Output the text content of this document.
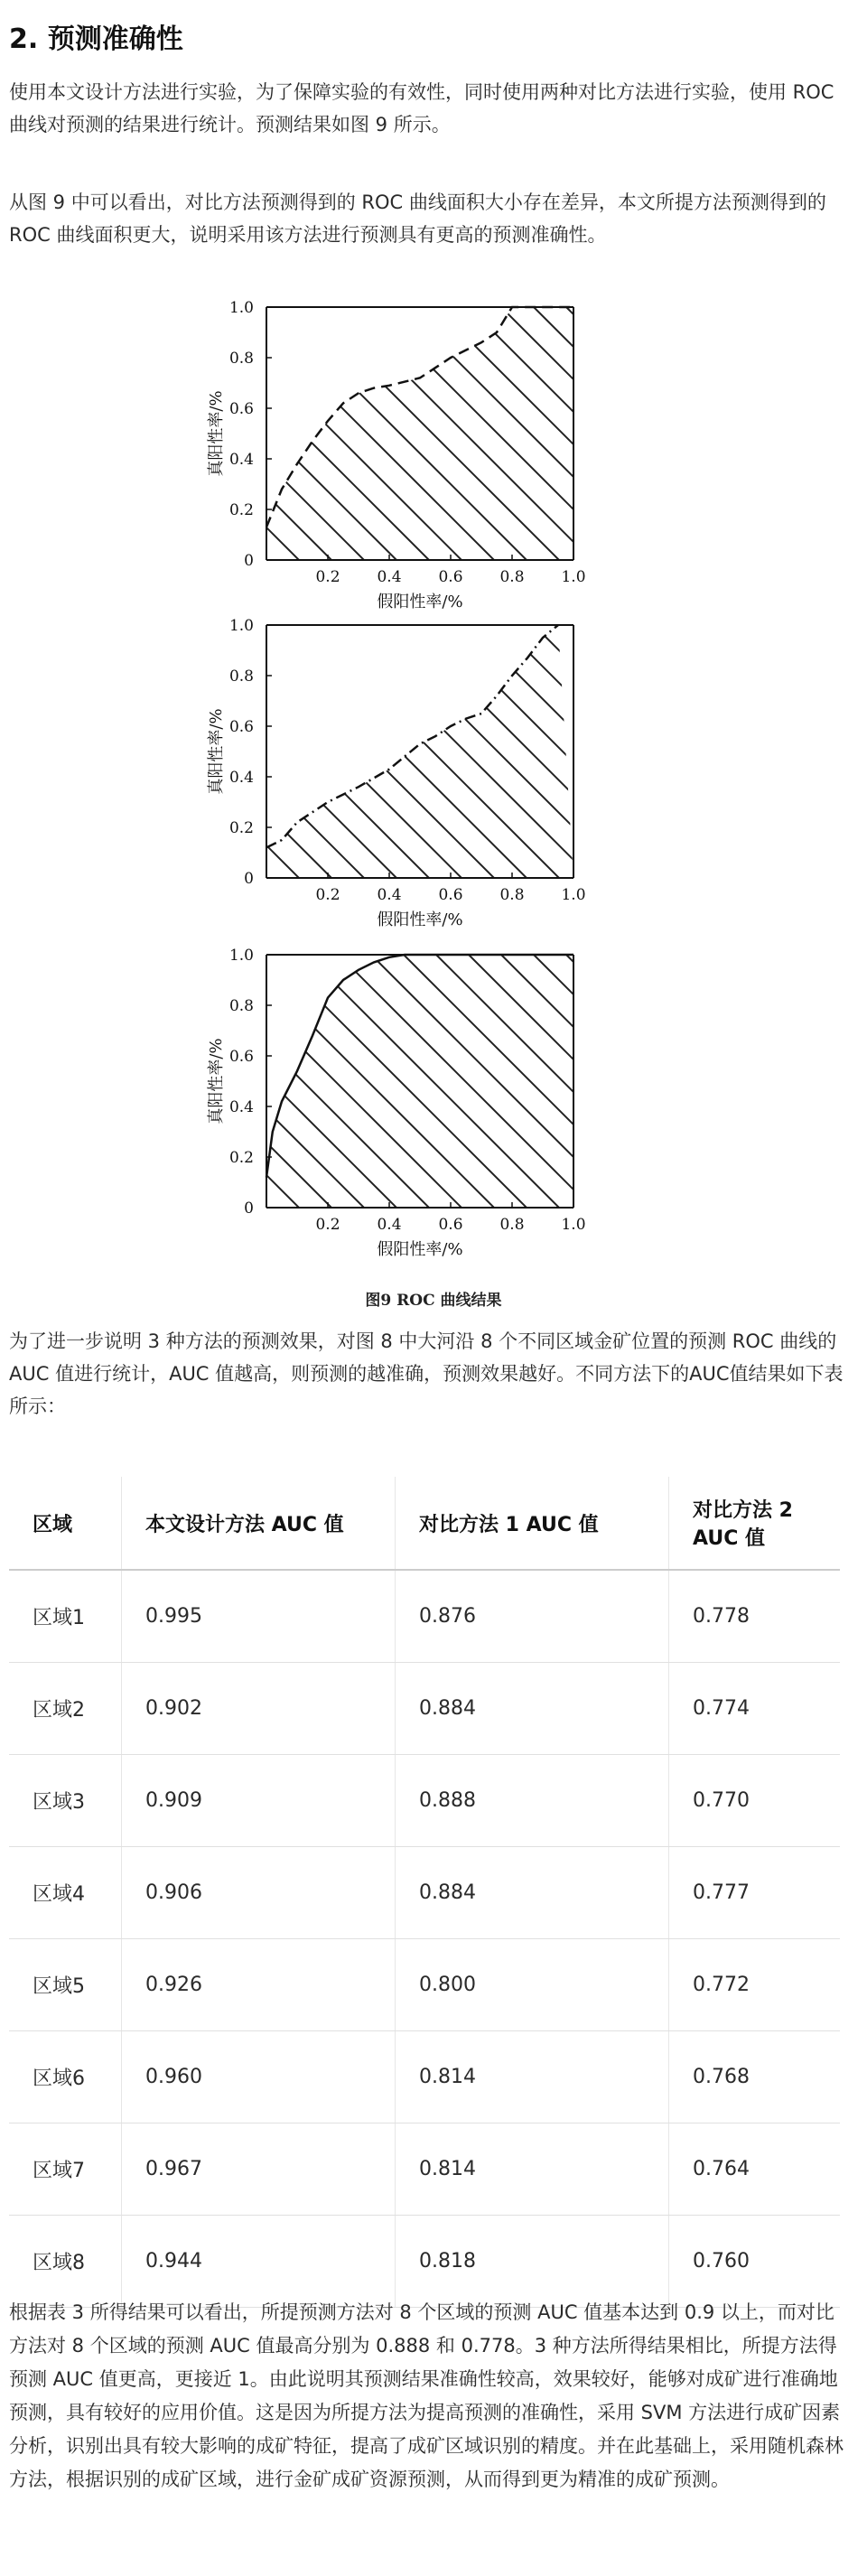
2. 预测准确性
使用本文设计方法进行实验，为了保障实验的有效性，同时使用两种对比方法进行实验，使用 ROC 曲线对预测的结果进行统计。预测结果如图 9 所示。
从图 9 中可以看出，对比方法预测得到的 ROC 曲线面积大小存在差异，本文所提方法预测得到的 ROC 曲线面积更大，说明采用该方法进行预测具有更高的预测准确性。
0.2 0.4 0.6 0.8 1.0
0
0.2
0.4
0.6
0.8
1.0
假阳性率/%
真阳性率/%
0.2 0.4 0.6 0.8 1.0
0
0.2
0.4
0.6
0.8
1.0
假阳性率/%
真阳性率/%
0.2 0.4 0.6 0.8 1.0
0
0.2
0.4
0.6
0.8
1.0
假阳性率/%
真阳性率/%
图9 ROC 曲线结果
为了进一步说明 3 种方法的预测效果，对图 8 中大河沿 8 个不同区域金矿位置的预测 ROC 曲线的 AUC 值进行统计，AUC 值越高，则预测的越准确，预测效果越好。不同方法下的AUC值结果如下表所示：
区域	本文设计方法 AUC 值	对比方法 1 AUC 值	对比方法 2 AUC 值
区域1	0.995	0.876	0.778
区域2	0.902	0.884	0.774
区域3	0.909	0.888	0.770
区域4	0.906	0.884	0.777
区域5	0.926	0.800	0.772
区域6	0.960	0.814	0.768
区域7	0.967	0.814	0.764
区域8	0.944	0.818	0.760
根据表 3 所得结果可以看出，所提预测方法对 8 个区域的预测 AUC 值基本达到 0.9 以上，而对比方法对 8 个区域的预测 AUC 值最高分别为 0.888 和 0.778。3 种方法所得结果相比，所提方法得预测 AUC 值更高，更接近 1。由此说明其预测结果准确性较高，效果较好，能够对成矿进行准确地预测，具有较好的应用价值。这是因为所提方法为提高预测的准确性，采用 SVM 方法进行成矿因素分析，识别出具有较大影响的成矿特征，提高了成矿区域识别的精度。并在此基础上，采用随机森林方法，根据识别的成矿区域，进行金矿成矿资源预测，从而得到更为精准的成矿预测。
